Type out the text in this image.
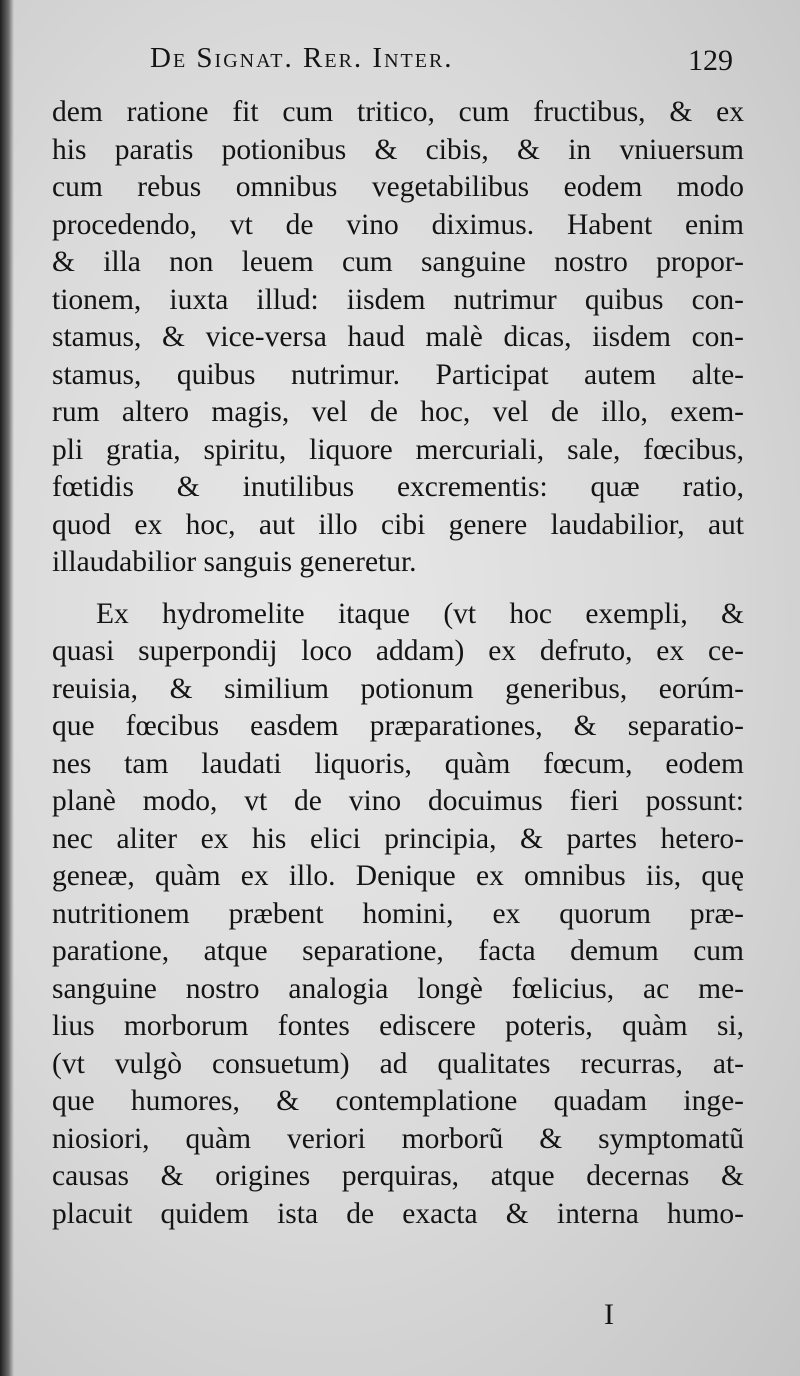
De Signat. Rer. Inter.	129
dem ratione fit cum tritico, cum fructibus, & ex
his paratis potionibus & cibis, & in vniuersum
cum rebus omnibus vegetabilibus eodem modo
procedendo, vt de vino diximus. Habent enim
& illa non leuem cum sanguine nostro propor-
tionem, iuxta illud: iisdem nutrimur quibus con-
stamus, & vice-versa haud malè dicas, iisdem con-
stamus, quibus nutrimur. Participat autem alte-
rum altero magis, vel de hoc, vel de illo, exem-
pli gratia, spiritu, liquore mercuriali, sale, fœcibus,
fœtidis & inutilibus excrementis: quæ ratio,
quod ex hoc, aut illo cibi genere laudabilior, aut
illaudabilior sanguis generetur.
Ex hydromelite itaque (vt hoc exempli, &
quasi superpondij loco addam) ex defruto, ex ce-
reuisia, & similium potionum generibus, eorúm-
que fœcibus easdem præparationes, & separatio-
nes tam laudati liquoris, quàm fœcum, eodem
planè modo, vt de vino docuimus fieri possunt:
nec aliter ex his elici principia, & partes hetero-
geneæ, quàm ex illo. Denique ex omnibus iis, quę
nutritionem præbent homini, ex quorum præ-
paratione, atque separatione, facta demum cum
sanguine nostro analogia longè fœlicius, ac me-
lius morborum fontes ediscere poteris, quàm si,
(vt vulgò consuetum) ad qualitates recurras, at-
que humores, & contemplatione quadam inge-
niosiori, quàm veriori morborũ & symptomatũ
causas & origines perquiras, atque decernas &
placuit quidem ista de exacta & interna humo-
I
